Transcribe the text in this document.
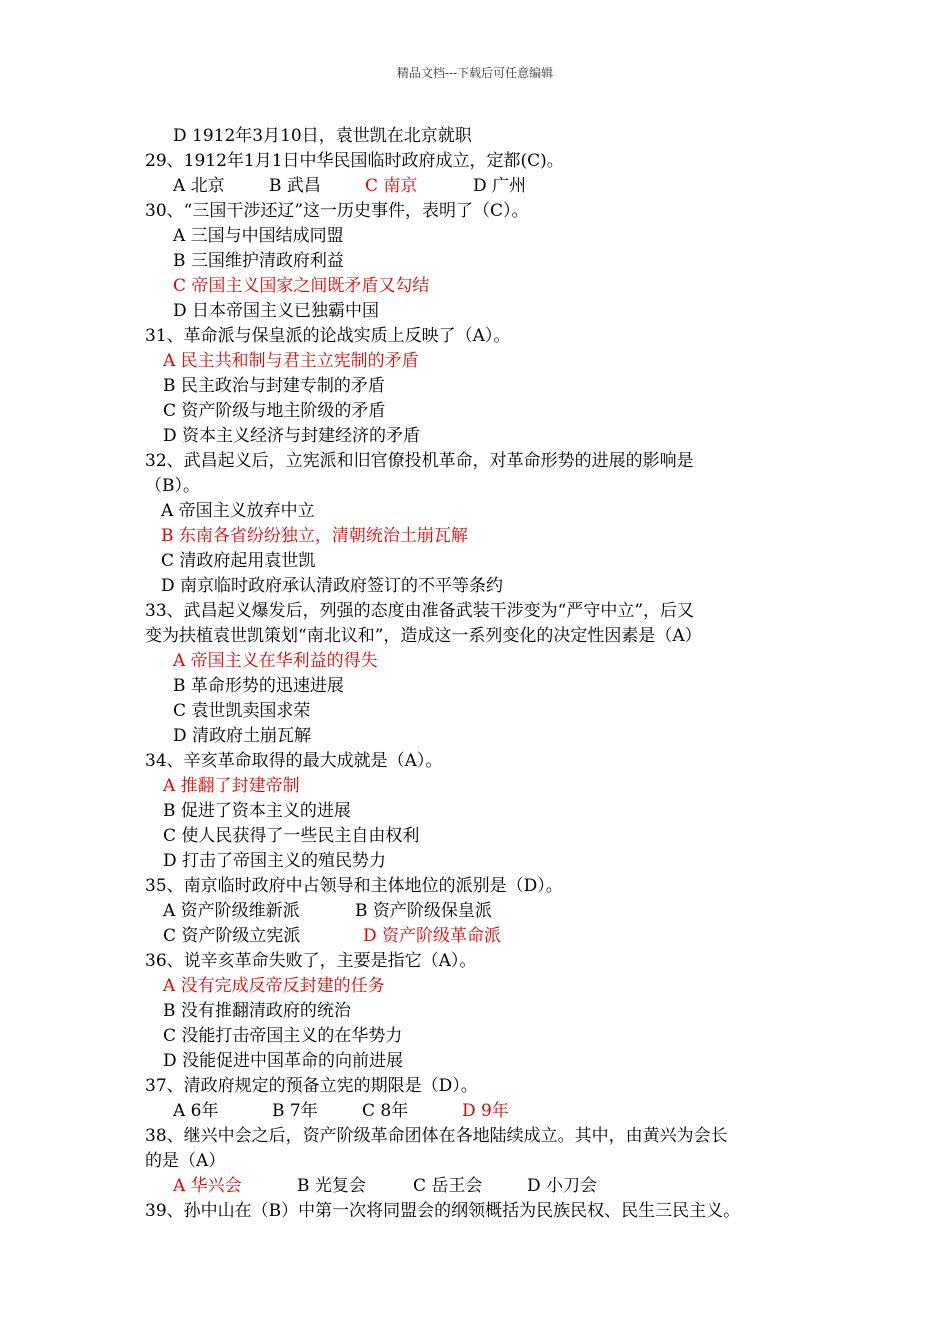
精品文档---下载后可任意编辑
D 1912年3月10日，袁世凯在北京就职
29、1912年1月1日中华民国临时政府成立，定都(C)。
A 北京	B 武昌	C 南京	D 广州
30、“三国干涉还辽”这一历史事件，表明了（C）。
A 三国与中国结成同盟
B 三国维护清政府利益
C 帝国主义国家之间既矛盾又勾结
D 日本帝国主义已独霸中国
31、革命派与保皇派的论战实质上反映了（A）。
A 民主共和制与君主立宪制的矛盾
B 民主政治与封建专制的矛盾
C 资产阶级与地主阶级的矛盾
D 资本主义经济与封建经济的矛盾
32、武昌起义后，立宪派和旧官僚投机革命，对革命形势的进展的影响是
（B）。
A 帝国主义放弃中立
B 东南各省纷纷独立，清朝统治土崩瓦解
C 清政府起用袁世凯
D 南京临时政府承认清政府签订的不平等条约
33、武昌起义爆发后，列强的态度由准备武装干涉变为“严守中立”，后又
变为扶植袁世凯策划“南北议和”，造成这一系列变化的决定性因素是（A）
A 帝国主义在华利益的得失
B 革命形势的迅速进展
C 袁世凯卖国求荣
D 清政府土崩瓦解
34、辛亥革命取得的最大成就是（A）。
A 推翻了封建帝制
B 促进了资本主义的进展
C 使人民获得了一些民主自由权利
D 打击了帝国主义的殖民势力
35、南京临时政府中占领导和主体地位的派别是（D）。
A 资产阶级维新派	B 资产阶级保皇派
C 资产阶级立宪派	D 资产阶级革命派
36、说辛亥革命失败了，主要是指它（A）。
A 没有完成反帝反封建的任务
B 没有推翻清政府的统治
C 没能打击帝国主义的在华势力
D 没能促进中国革命的向前进展
37、清政府规定的预备立宪的期限是（D）。
A 6年	B 7年	C 8年	D 9年
38、继兴中会之后，资产阶级革命团体在各地陆续成立。其中，由黄兴为会长
的是（A）
A 华兴会	B 光复会	C 岳王会	D 小刀会
39、孙中山在（B）中第一次将同盟会的纲领概括为民族民权、民生三民主义。
